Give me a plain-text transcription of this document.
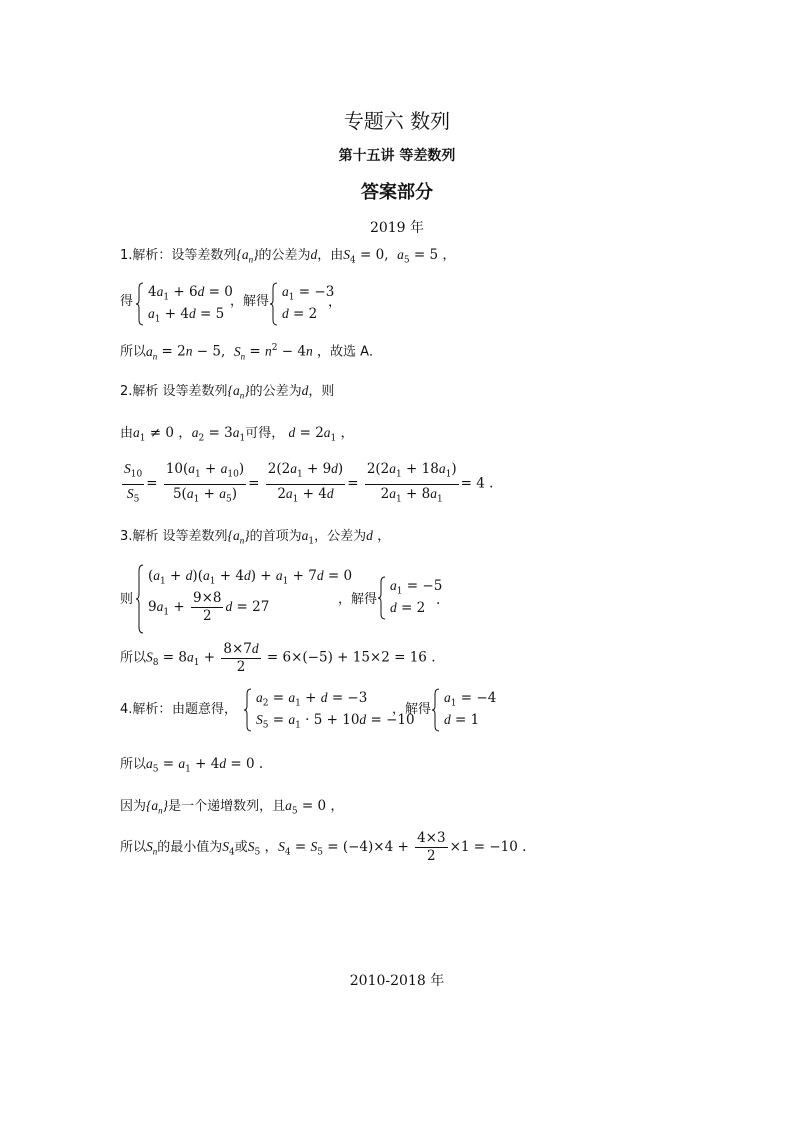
专题六 数列
第十五讲 等差数列
答案部分
2019 年
1.解析：设等差数列$\{a_n\}$的公差为d，由$S_4 = 0$,  $a_5 = 5$ ，
得
$4a_1 + 6d = 0$
$a_1 + 4d = 5$
，解得
$a_1 = -3$
d = 2
，
所以$a_n = 2n - 5$,  $S_n = n^2 - 4n$ ，故选 A．
2.解析 设等差数列$\{a_n\}$的公差为d，则
由$a_1 \ne 0$ ，$a_2 = 3a_1$可得， $d = 2a_1$ ，
$\frac{S_{10}}{S_5} = \frac{10(a_1 + a_{10})}{5(a_1 + a_5)} = \frac{2(2a_1 + 9d)}{2a_1 + 4d} = \frac{2(2a_1 + 18a_1)}{2a_1 + 8a_1} = 4$ .
3.解析 设等差数列$\{a_n\}$的首项为$a_1$，公差为d ，
则
$(a_1 + d)(a_1 + 4d) + a_1 + 7d = 0$
$9a_1 + \frac{9\times 8}{2}$ d = 27	，解得
$a_1 = -5$
d = 2 .
所以$S_8 = 8a_1 + \frac{8\times 7d}{2} = 6\times(-5) + 15\times 2 = 16$ .
4.解析： 由题意得，
$a_2 = a_1 + d = -3$
$S_5 = a_1 \cdot 5 + 10d = -10$
，解得
$a_1 = -4$
d = 1
所以$a_5 = a_1 + 4d = 0$ .
因为$\{a_n\}$是一个递增数列，且$a_5 = 0$ ，
所以$S_n$的最小值为$S_4$或$S_5$ ，$S_4 = S_5 = (-4)\times 4 + \frac{4\times 3}{2} \times 1 = -10$ .
2010-2018 年
